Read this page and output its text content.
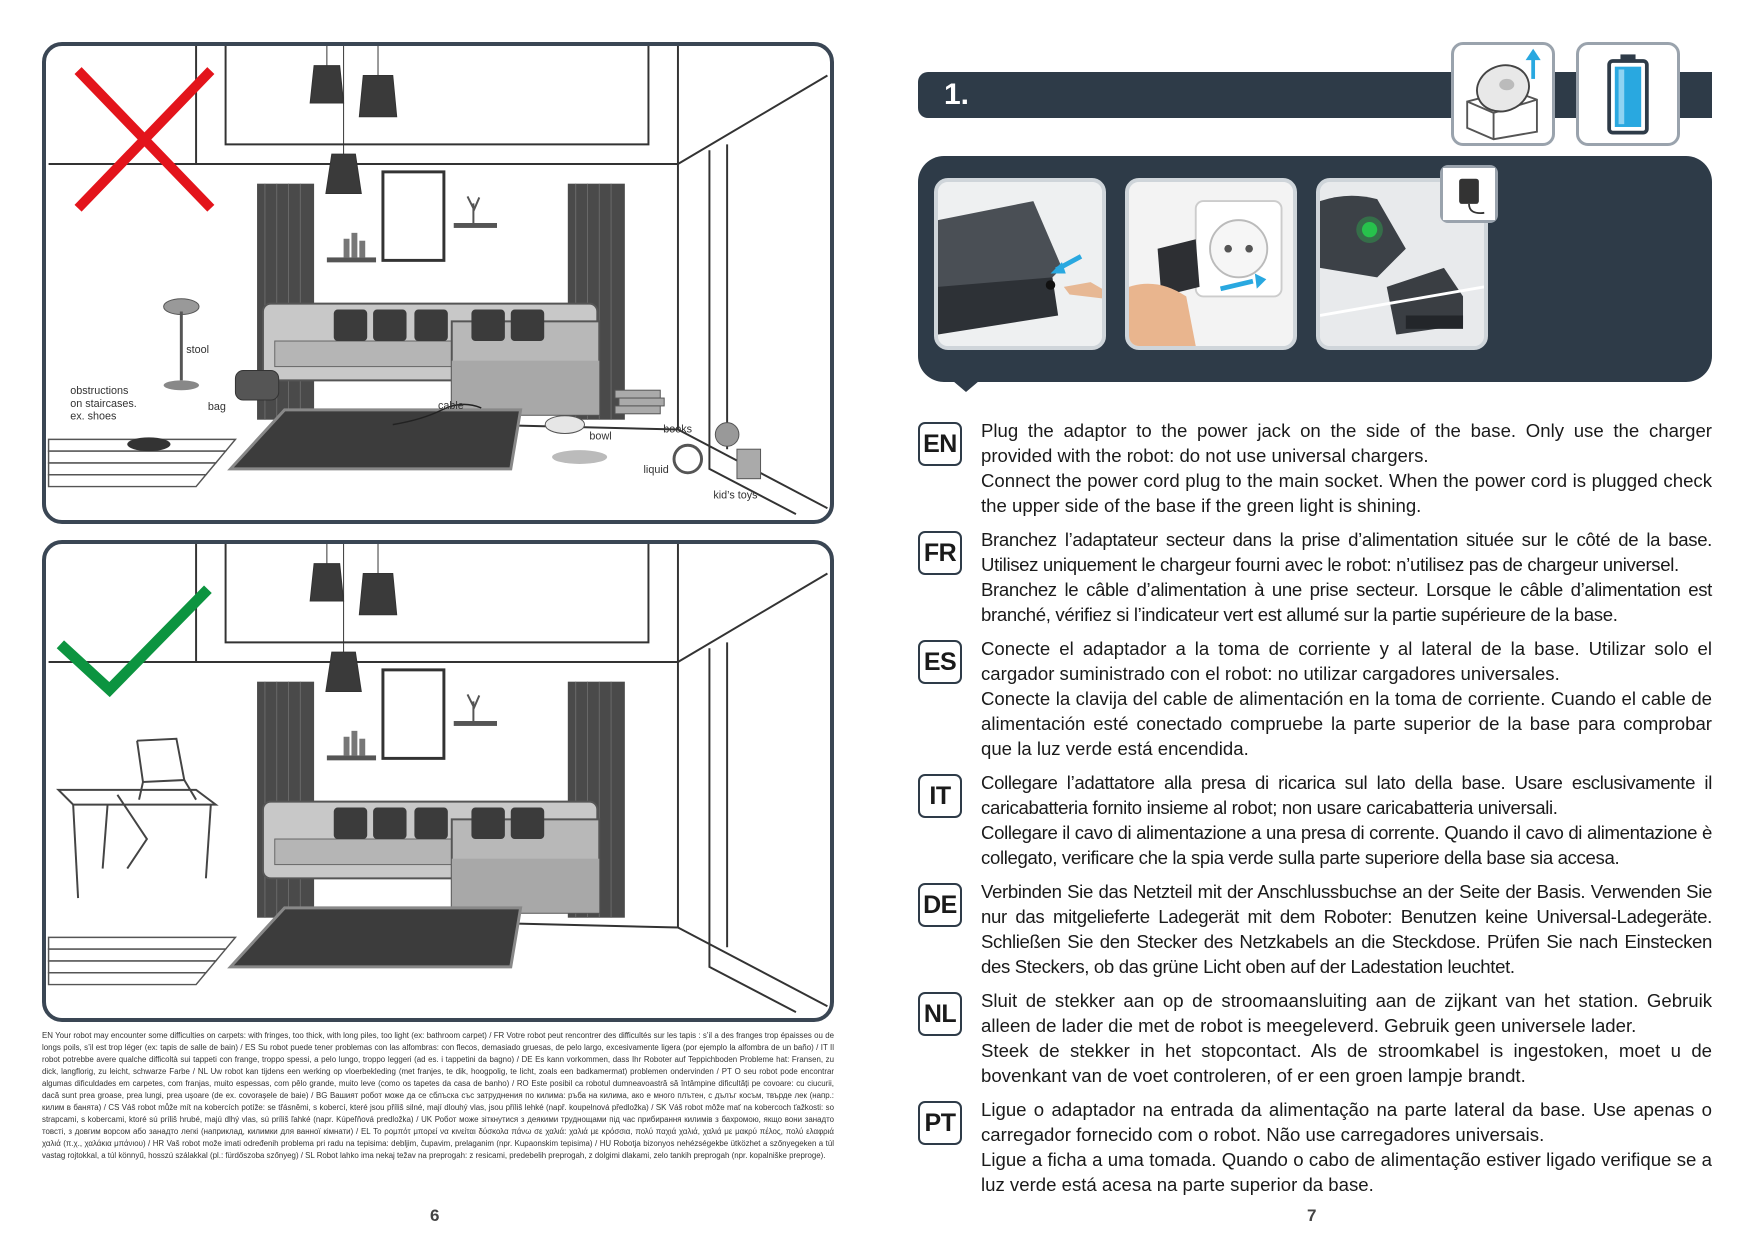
stool
obstructions
on staircases.
ex. shoes
bag	cable
bowl
books
liquid
kid’s toys
EN Your robot may encounter some difficulties on carpets: with fringes, too thick, with long piles, too light (ex: bathroom carpet) / FR Votre robot peut rencontrer des difficultés sur les tapis : s’il a des franges trop épaisses ou de longs poils, s’il est trop léger (ex: tapis de salle de bain) / ES Su robot puede tener problemas con las alfombras: con flecos, demasiado gruesas, de pelo largo, excesivamente ligera (por ejemplo la alfombra de un baño) / IT Il robot potrebbe avere qualche difficoltà sui tappeti con frange, troppo spessi, a pelo lungo, troppo leggeri (ad es. i tappetini da bagno) / DE Es kann vorkommen, dass Ihr Roboter auf Teppichboden Probleme hat: Fransen, zu dick, langflorig, zu leicht, schwarze Farbe / NL Uw robot kan tijdens een werking op vloerbekleding (met franjes, te dik, hoogpolig, te licht, zoals een badkamermat) problemen ondervinden / PT O seu robot pode encontrar algumas dificuldades em carpetes, com franjas, muito espessas, com pêlo grande, muito leve (como os tapetes da casa de banho) / RO Este posibil ca robotul dumneavoastră să întâmpine dificultăți pe covoare: cu ciucurii, dacă sunt prea groase, prea lungi, prea ușoare (de ex. covorașele de baie) / BG Вашият робот може да се сблъска със затруднения по килима: ръба на килима, ако е много плътен, с дълъг косъм, твърде лек (напр.: килим в банята) / CS Váš robot může mít na kobercích potíže: se třásněmi, s kobercí, které jsou příliš silné, mají dlouhý vlas, jsou příliš lehké (např. koupelnová předložka) / SK Váš robot môže mať na kobercoch ťažkosti: so strapcami, s kobercami, ktoré sú príliš hrubé, majú dlhý vlas, sú príliš ľahké (napr. Kúpeľňová predložka) / UK Робот може зіткнутися з деякими труднощами під час прибирання килимів з бахромою, якщо вони занадто товсті, з довгим ворсом або занадто легкі (наприклад, килимки для ванної кімнати) / EL Το ρομπότ μπορεί να κινείται δύσκολα πάνω σε χαλιά: χαλιά με κρόσσια, πολύ παχιά χαλιά, χαλιά με μακρύ πέλος, πολύ ελαφριά χαλιά (π.χ., χαλάκια μπάνιου) / HR Vaš robot može imati određenih problema pri radu na tepisima: debljim, čupavim, prelaganim (npr. Kupaonskim tepisima) / HU Robotja bizonyos nehézségekbe ütközhet a szőnyegeken a túl vastag rojtokkal, a túl könnyű, hosszú szálakkal (pl.: fürdőszoba szőnyeg) / SL Robot lahko ima nekaj težav na preprogah: z resicami, predebelih preprogah, z dolgimi dlakami, zelo tankih preprogah (npr. kopalniške preproge).
6
1.
EN Plug the adaptor to the power jack on the side of the base. Only use the charger provided with the robot: do not use universal chargers.

Connect the power cord plug to the main socket. When the power cord is plugged check the upper side of the base if the green light is shining.

FR	Branchez l’adaptateur secteur dans la prise d’alimentation située sur le côté de la base. Utilisez uniquement le chargeur fourni avec le robot: n’utilisez pas de chargeur universel.

Branchez le câble d’alimentation à une prise secteur. Lorsque le câble d’alimentation est branché, vérifiez si l’indicateur vert est allumé sur la partie supérieure de la base.

ES	Conecte el adaptador a la toma de corriente y al lateral de la base. Utilizar solo el cargador suministrado con el robot: no utilizar cargadores universales.

Conecte la clavija del cable de alimentación en la toma de corriente. Cuando el cable de alimentación esté conectado compruebe la parte superior de la base para comprobar que la luz verde está encendida.

IT	Collegare l’adattatore alla presa di ricarica sul lato della base. Usare esclusivamente il caricabatteria fornito insieme al robot; non usare caricabatteria universali.

Collegare il cavo di alimentazione a una presa di corrente. Quando il cavo di alimentazione è collegato, verificare che la spia verde sulla parte superiore della base sia accesa.

DE Verbinden Sie das Netzteil mit der Anschlussbuchse an der Seite der Basis. Verwenden Sie nur das mitgelieferte Ladegerät mit dem Roboter: Benutzen keine Universal-Ladegeräte. Schließen Sie den Stecker des Netzkabels an die Steckdose. Prüfen Sie nach Einstecken des Steckers, ob das grüne Licht oben auf der Ladestation leuchtet.

NL	Sluit de stekker aan op de stroomaansluiting aan de zijkant van het station. Gebruik alleen de lader die met de robot is meegeleverd. Gebruik geen universele lader.

Steek de stekker in het stopcontact. Als de stroomkabel is ingestoken, moet u de bovenkant van de voet controleren, of er een groen lampje brandt.

PT	Ligue o adaptador na entrada da alimentação na parte lateral da base. Use apenas o carregador fornecido com o robot. Não use carregadores universais.

Ligue a ficha a uma tomada. Quando o cabo de alimentação estiver ligado verifique se a luz verde está acesa na parte superior da base.

7
